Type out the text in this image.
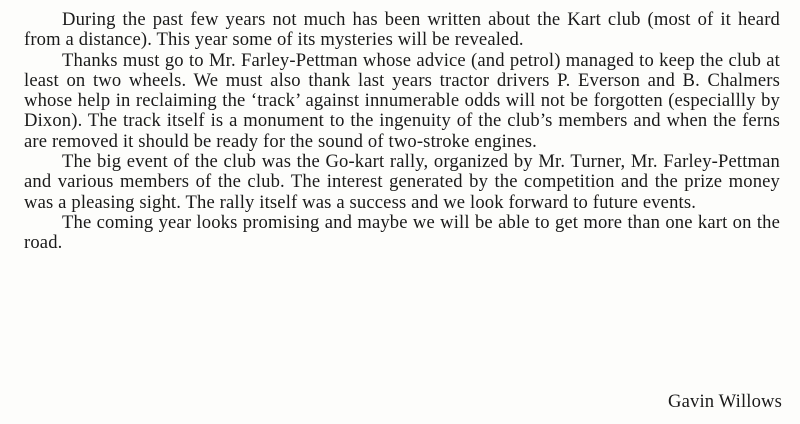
During the past few years not much has been written about the Kart club (most of it heard from a distance). This year some of its mysteries will be revealed.

Thanks must go to Mr. Farley-Pettman whose advice (and petrol) managed to keep the club at least on two wheels. We must also thank last years tractor drivers P. Everson and B. Chalmers whose help in reclaiming the ‘track’ against innumerable odds will not be forgotten (especiallly by Dixon). The track itself is a monument to the ingenuity of the club’s members and when the ferns are removed it should be ready for the sound of two-stroke engines.

The big event of the club was the Go-kart rally, organized by Mr. Turner, Mr. Farley-Pettman and various members of the club. The interest generated by the competition and the prize money was a pleasing sight. The rally itself was a success and we look forward to future events.

The coming year looks promising and maybe we will be able to get more than one kart on the road.

Gavin Willows
